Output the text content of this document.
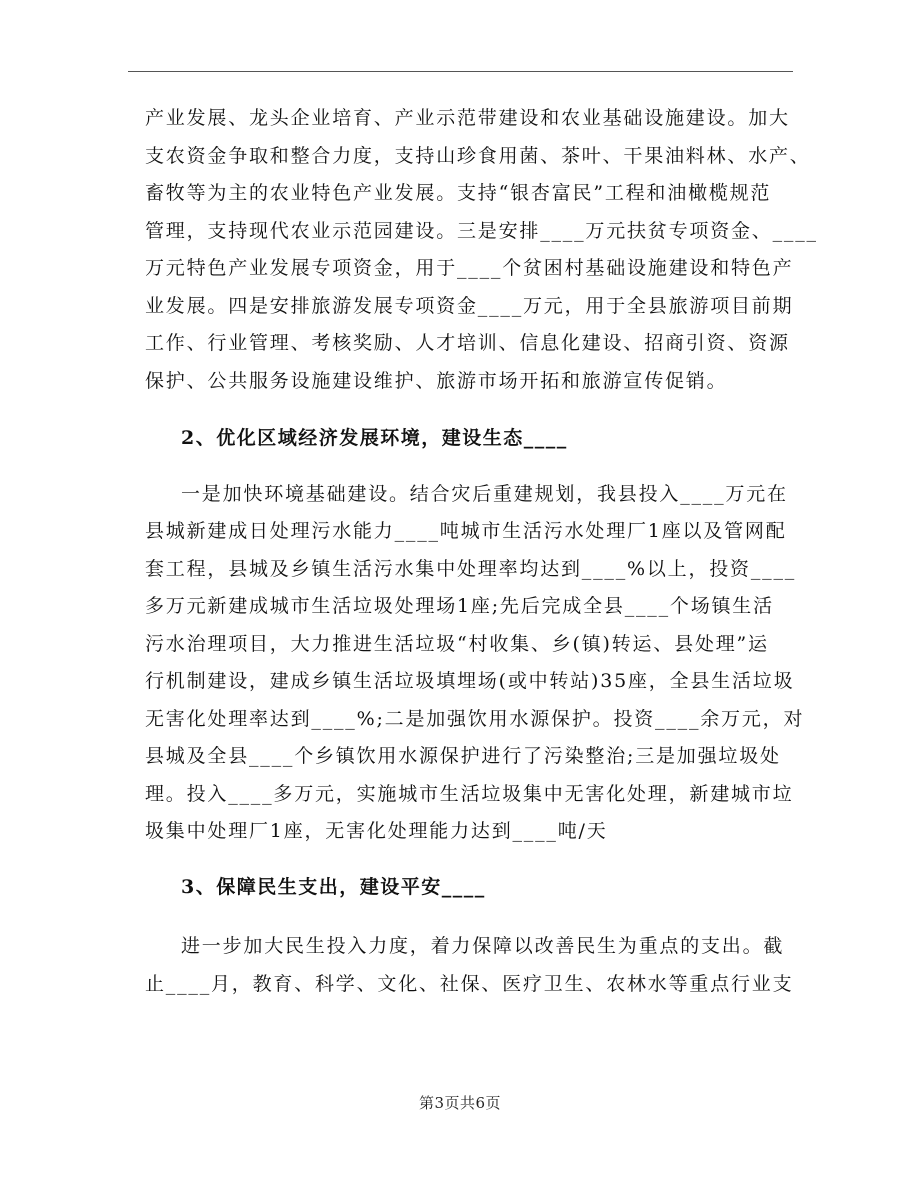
产业发展、龙头企业培育、产业示范带建设和农业基础设施建设。加大
支农资金争取和整合力度，支持山珍食用菌、茶叶、干果油料林、水产、
畜牧等为主的农业特色产业发展。支持“银杏富民”工程和油橄榄规范
管理，支持现代农业示范园建设。三是安排____万元扶贫专项资金、____
万元特色产业发展专项资金，用于____个贫困村基础设施建设和特色产
业发展。四是安排旅游发展专项资金____万元，用于全县旅游项目前期
工作、行业管理、考核奖励、人才培训、信息化建设、招商引资、资源
保护、公共服务设施建设维护、旅游市场开拓和旅游宣传促销。
2、优化区域经济发展环境，建设生态____
一是加快环境基础建设。结合灾后重建规划，我县投入____万元在
县城新建成日处理污水能力____吨城市生活污水处理厂1座以及管网配
套工程，县城及乡镇生活污水集中处理率均达到____%以上，投资____
多万元新建成城市生活垃圾处理场1座;先后完成全县____个场镇生活
污水治理项目，大力推进生活垃圾“村收集、乡(镇)转运、县处理”运
行机制建设，建成乡镇生活垃圾填埋场(或中转站)35座，全县生活垃圾
无害化处理率达到____%;二是加强饮用水源保护。投资____余万元，对
县城及全县____个乡镇饮用水源保护进行了污染整治;三是加强垃圾处
理。投入____多万元，实施城市生活垃圾集中无害化处理，新建城市垃
圾集中处理厂1座，无害化处理能力达到____吨/天
3、保障民生支出，建设平安____
进一步加大民生投入力度，着力保障以改善民生为重点的支出。截
止____月，教育、科学、文化、社保、医疗卫生、农林水等重点行业支
第3页共6页
